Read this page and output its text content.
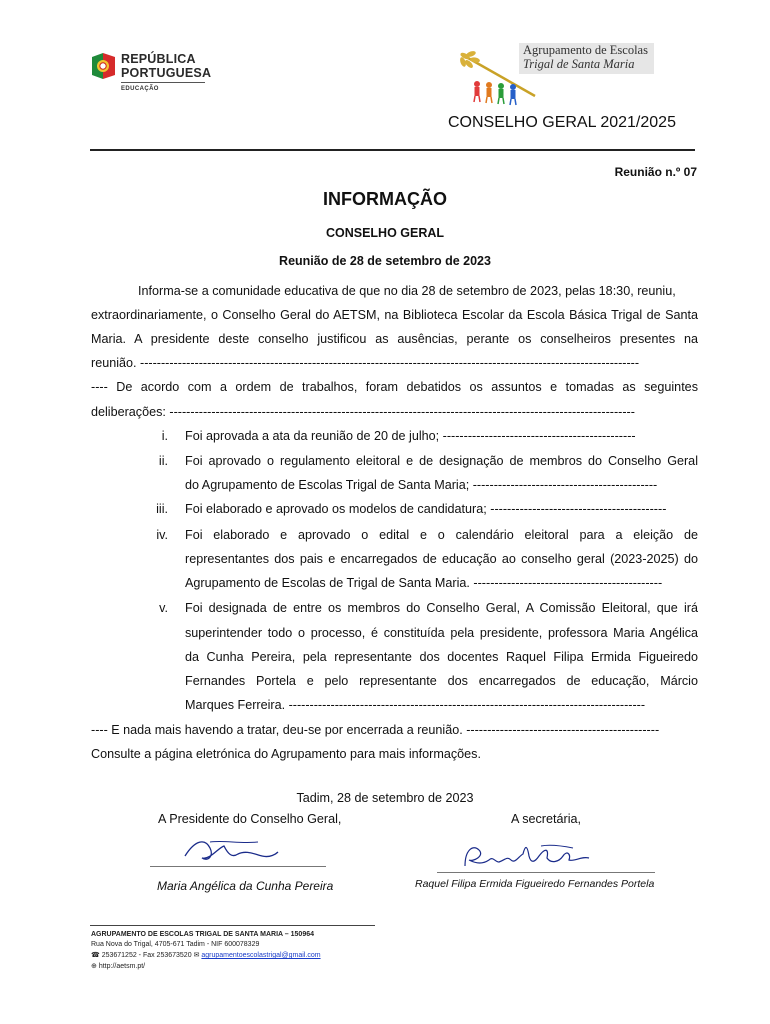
REPÚBLICA
PORTUGUESA
EDUCAÇÃO
Agrupamento de Escolas
Trigal de Santa Maria
CONSELHO GERAL 2021/2025
Reunião n.º 07
INFORMAÇÃO
CONSELHO GERAL
Reunião de 28 de setembro de 2023
Informa-se a comunidade educativa de que no dia 28 de setembro de 2023, pelas 18:30, reuniu,
extraordinariamente, o Conselho Geral do AETSM, na Biblioteca Escolar da Escola Básica Trigal de Santa
Maria. A presidente deste conselho justificou as ausências, perante os conselheiros presentes na
reunião. -----------------------------------------------------------------------------------------------------------------------
---- De acordo com a ordem de trabalhos, foram debatidos os assuntos e tomadas as seguintes
deliberações: ---------------------------------------------------------------------------------------------------------------
i. Foi aprovada a ata da reunião de 20 de julho; ----------------------------------------------
ii. Foi aprovado o regulamento eleitoral e de designação de membros do Conselho Geral
do Agrupamento de Escolas Trigal de Santa Maria; --------------------------------------------
iii. Foi elaborado e aprovado os modelos de candidatura; ------------------------------------------
iv. Foi elaborado e aprovado o edital e o calendário eleitoral para a eleição de
representantes dos pais e encarregados de educação ao conselho geral (2023-2025) do
Agrupamento de Escolas de Trigal de Santa Maria. ---------------------------------------------
v. Foi designada de entre os membros do Conselho Geral, A Comissão Eleitoral, que irá
superintender todo o processo, é constituída pela presidente, professora Maria Angélica
da Cunha Pereira, pela representante dos docentes Raquel Filipa Ermida Figueiredo
Fernandes Portela e pelo representante dos encarregados de educação, Márcio
Marques Ferreira. -------------------------------------------------------------------------------------
---- E nada mais havendo a tratar, deu-se por encerrada a reunião. ----------------------------------------------
Consulte a página eletrónica do Agrupamento para mais informações.
Tadim, 28 de setembro de 2023
A Presidente do Conselho Geral,	A secretária,
Maria Angélica da Cunha Pereira	Raquel Filipa Ermida Figueiredo Fernandes Portela
AGRUPAMENTO DE ESCOLAS TRIGAL DE SANTA MARIA – 150964
Rua Nova do Trigal, 4705-671 Tadim - NIF 600078329
☎ 253671252 - Fax 253673520 ✉ agrupamentoescolastrigal@gmail.com
⊕ http://aetsm.pt/
